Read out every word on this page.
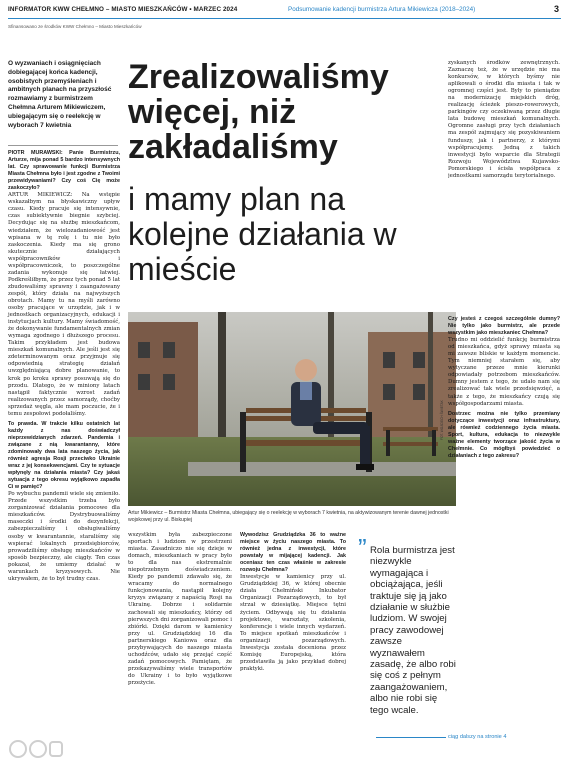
INFORMATOR KWW CHEŁMNO – MIASTO MIESZKAŃCÓW • MARZEC 2024	Podsumowanie kadencji burmistrza Artura Mikiewicza (2018–2024)	3
Sfinansowano ze środków KWW Chełmno – Miasto Mieszkańców
O wyzwaniach i osiągnięciach dobiegającej końca kadencji, osobistych przemyśleniach i ambitnych planach na przyszłość rozmawiamy z burmistrzem Chełmna Arturem Mikiewiczem, ubiegającym się o reelekcję w wyborach 7 kwietnia
Zrealizowaliśmy więcej, niż zakładaliśmy
i mamy plan na kolejne działania w mieście

PIOTR MURAWSKI: Panie Burmistrzu, Arturze, mija ponad 5 bardzo intensywnych lat. Czy sprawowanie funkcji Burmistrza Miasta Chełmna było i jest zgodne z Twoimi przewidywaniami? Czy coś Cię może zaskoczyło?

ARTUR MIKIEWICZ: Na wstępie wskazałbym na błyskawiczny upływ czasu. Kiedy pracuje się intensywnie, czas subiektywnie biegnie szybciej. Decydując się na służbę mieszkańcom, wiedziałem, że wielozadaniowość jest wpisana w tę rolę i tu nie było zaskoczenia. Kiedy ma się grono skutecznie działających współpracowników i współpracowniczek, to poszczególne zadania wykonuje się łatwiej. Podkreśliłbym, że przez tych ponad 5 lat zbudowaliśmy sprawny i zaangażowany zespół, który działa na najwyższych obrotach. Mamy tu na myśli zarówno osoby pracujące w urzędzie, jak i w jednostkach organizacyjnych, edukacji i instytucjach kultury. Mamy świadomość, że dokonywanie fundamentalnych zmian wymaga zgodnego i dłuższego procesu. Takim przykładem jest budowa mieszkań komunalnych. Ale jeśli jest się zdeterminowanym oraz przyjmuje się odpowiednią strategię działań uwzględniającą dobre planowanie, to krok po kroku sprawy posuwają się do przodu. Dlatego, że w miniony latach nastąpił faktycznie wzrost zadań realizowanych przez samorządy, choćby sprzedaż węgla, ale mam poczucie, że i temu zespołowi podołaliśmy.

To prawda. W trakcie kilku ostatnich lat każdy z nas doświadczył nieprzewidzianych zdarzeń. Pandemia i związane z nią kwarantanny, które zdominowały dwa lata naszego życia, jak również agresja Rosji przeciwko Ukrainie wraz z jej konsekwencjami. Czy te sytuacje wpłynęły na działania miasta? Czy jakaś sytuacja z tego okresu wyjątkowo zapadła Ci w pamięć?

Po wybuchu pandemii wiele się zmieniło. Przede wszystkim trzeba było zorganizować działania pomocowe dla mieszkańców. Dystrybuowaliśmy maseczki i środki do dezynfekcji, zabezpieczaliśmy i obsługiwaliśmy osoby w kwarantannie, staraliśmy się wspierać lokalnych przedsiębiorców, prowadziliśmy obsługę mieszkańców w sposób bezpieczny, ale ciągły. Ten czas pokazał, że umiemy działać w warunkach kryzysowych. Nie ukrywałem, że to był trudny czas.

FOT. WOJCIECH ŚWIETAK
Artur Mikiewicz – Burmistrz Miasta Chełmna, ubiegający się o reelekcję w wyborach 7 kwietnia, na aktywizowanym terenie dawnej jednostki wojskowej przy ul. Biskupiej

wszystkim była zabezpieczone sportach i ludziom w przestrzeni miasta. Zasadniczo nie się dzieje w domach, mieszkaniach w pracy było to dla nas ekstremalnie niepotrzebnym doświadczeniem. Kiedy po pandemii zdawało się, że wracamy do normalnego funkcjonowania, nastąpił kolejny kryzys związany z napaścią Rosji na Ukrainę. Dobrze i solidarnie zachowali się mieszkańcy, którzy od pierwszych dni zorganizowali pomoc i zbiórki. Dzięki darom w kamienicy przy ul. Grudziądzkiej 16 dla partnerskiego Kaniowa oraz dla przybywających do naszego miasta uchodźców, udało się przejąć część zadań pomocowych. Pamiętam, że przekazywaliśmy wiele transportów do Ukrainy i to było wyjątkowe przeżycie.

Wywodzisz Grudziądzka 36 to ważne miejsce w życiu naszego miasta. To również jedna z inwestycji, które powstały w mijającej kadencji. Jak oceniasz ten czas właśnie w zakresie rozwoju Chełmna?

Inwestycje w kamienicy przy ul. Grudziądzkiej 36, w której obecnie działa Chełmiński Inkubator Organizacji Pozarządowych, to był strzał w dziesiątkę. Miejsce tętni życiem. Odbywają się tu działania projektowe, warsztaty, szkolenia, konferencje i wiele innych wydarzeń. To miejsce spotkań mieszkańców i organizacji pozarządowych. Inwestycja została doceniona przez Komisję Europejską, która przedstawiła ją jako przykład dobrej praktyki.

” Rola burmistrza jest niezwykle wymagająca i obciążająca, jeśli traktuje się ją jako działanie w służbie ludziom. W swojej pracy zawodowej zawsze wyznawałem zasadę, że albo robi się coś z pełnym zaangażowaniem, albo nie robi się tego wcale.

zyskanych środków zewnętrznych. Zaznaczę też, że w urzędzie nie ma konkursów, w których byśmy nie aplikowali o środki dla miasta i tak w ogromnej części jest. Były to pieniądze na modernizację miejskich dróg, realizację ścieżek pieszo-rowerowych, parkingów czy oczekiwaną przez długie lata budowę mieszkań komunalnych. Ogromne zasługi przy tych działaniach ma zespół zajmujący się pozyskiwaniem funduszy, jak i partnerzy, z którymi współpracujemy. Jedną z takich inwestycji było wsparcie dla Strategii Rozwoju Województwa Kujawsko-Pomorskiego i ścisła współpraca z jednostkami samorządu terytorialnego.

Czy jesteś z czegoś szczególnie dumny? Nie tylko jako burmistrz, ale przede wszystkim jako mieszkaniec Chełmna?

Trudno mi oddzielić funkcję burmistrza od mieszkańca, gdyż sprawy miasta są mi zawsze bliskie w każdym momencie. Tym niemniej starałem się, aby wytyczane przeze mnie kierunki odpowiadały potrzebom mieszkańców. Dumny jestem z tego, że udało nam się zrealizować tak wiele przedsięwzięć, a także z tego, że mieszkańcy czują się współgospodarzami miasta.

Dostrzec można nie tylko przemiany dotyczące inwestycji oraz infrastruktury, ale również codziennego życia miasta. Sport, kultura, edukacja to niezwykle ważne elementy tworzące jakość życia w Chełmnie. Co mógłbyś powiedzieć o działaniach z tego zakresu?

ciąg dalszy na stronie 4
